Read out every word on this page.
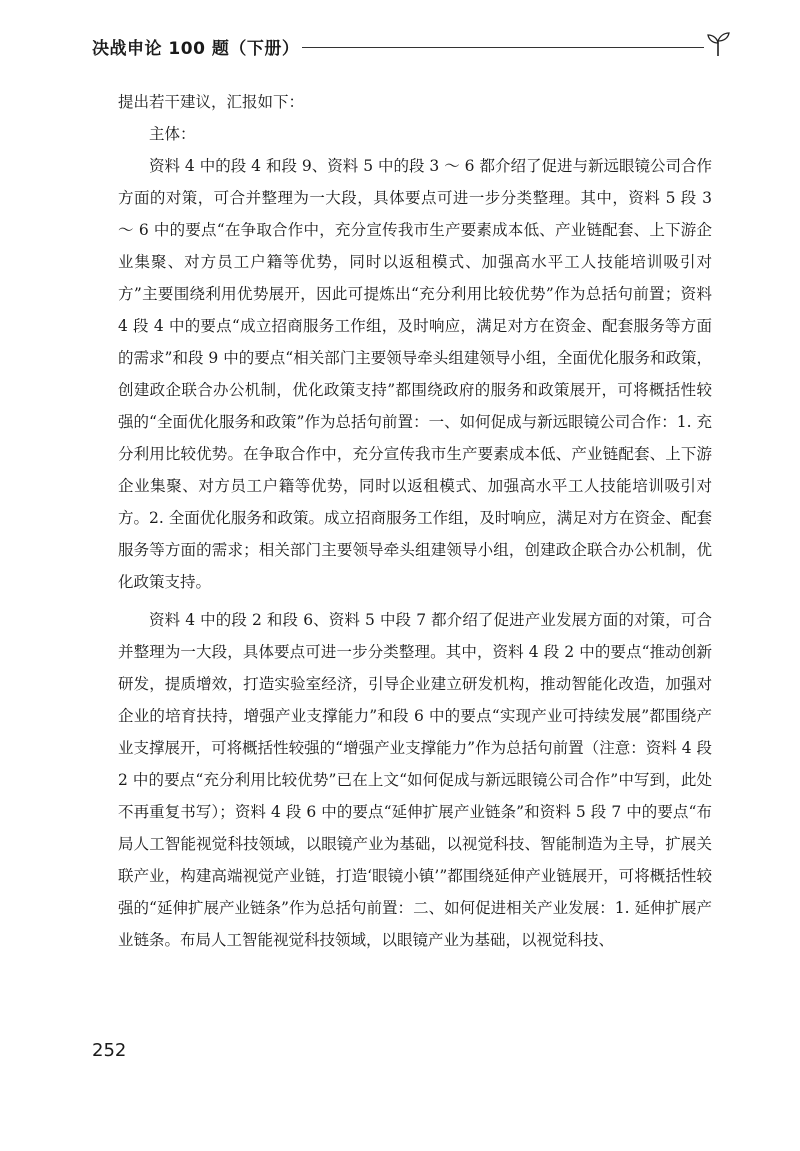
决战申论 100 题（下册）

提出若干建议，汇报如下：

主体：

资料 4 中的段 4 和段 9、资料 5 中的段 3 ～ 6 都介绍了促进与新远眼镜公司合作方面的对策，可合并整理为一大段，具体要点可进一步分类整理。其中，资料 5 段 3 ～ 6 中的要点“在争取合作中，充分宣传我市生产要素成本低、产业链配套、上下游企业集聚、对方员工户籍等优势，同时以返租模式、加强高水平工人技能培训吸引对方”主要围绕利用优势展开，因此可提炼出“充分利用比较优势”作为总括句前置；资料 4 段 4 中的要点“成立招商服务工作组，及时响应，满足对方在资金、配套服务等方面的需求”和段 9 中的要点“相关部门主要领导牵头组建领导小组，全面优化服务和政策，创建政企联合办公机制，优化政策支持”都围绕政府的服务和政策展开，可将概括性较强的“全面优化服务和政策”作为总括句前置：一、如何促成与新远眼镜公司合作：1. 充分利用比较优势。在争取合作中，充分宣传我市生产要素成本低、产业链配套、上下游企业集聚、对方员工户籍等优势，同时以返租模式、加强高水平工人技能培训吸引对方。2. 全面优化服务和政策。成立招商服务工作组，及时响应，满足对方在资金、配套服务等方面的需求；相关部门主要领导牵头组建领导小组，创建政企联合办公机制，优化政策支持。

资料 4 中的段 2 和段 6、资料 5 中段 7 都介绍了促进产业发展方面的对策，可合并整理为一大段，具体要点可进一步分类整理。其中，资料 4 段 2 中的要点“推动创新研发，提质增效，打造实验室经济，引导企业建立研发机构，推动智能化改造，加强对企业的培育扶持，增强产业支撑能力”和段 6 中的要点“实现产业可持续发展”都围绕产业支撑展开，可将概括性较强的“增强产业支撑能力”作为总括句前置（注意：资料 4 段 2 中的要点“充分利用比较优势”已在上文“如何促成与新远眼镜公司合作”中写到，此处不再重复书写）；资料 4 段 6 中的要点“延伸扩展产业链条”和资料 5 段 7 中的要点“布局人工智能视觉科技领域，以眼镜产业为基础，以视觉科技、智能制造为主导，扩展关联产业，构建高端视觉产业链，打造‘眼镜小镇’”都围绕延伸产业链展开，可将概括性较强的“延伸扩展产业链条”作为总括句前置：二、如何促进相关产业发展：1. 延伸扩展产业链条。布局人工智能视觉科技领域，以眼镜产业为基础，以视觉科技、

252
